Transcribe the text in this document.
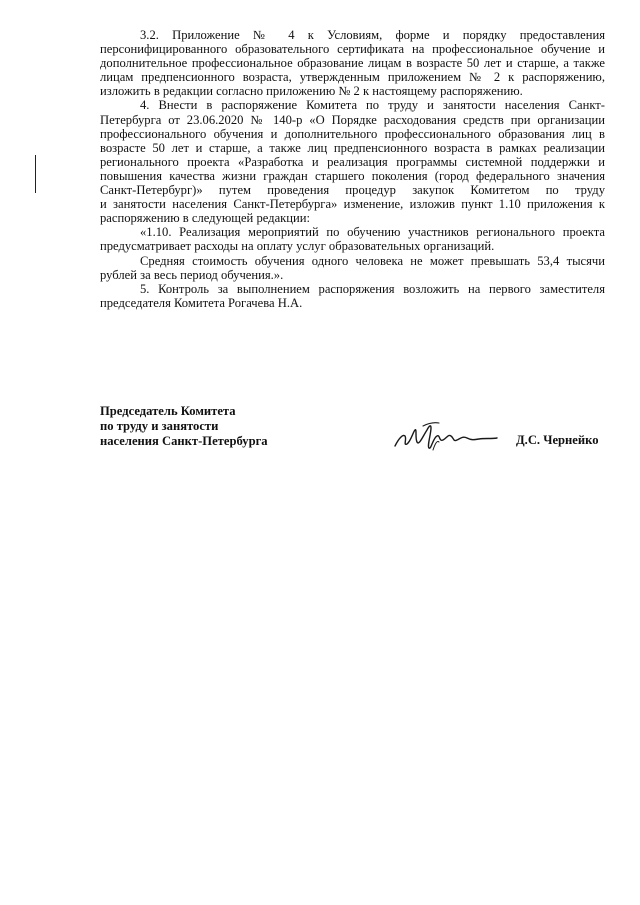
3.2. Приложение № 4 к Условиям, форме и порядку предоставления персонифицированного образовательного сертификата на профессиональное обучение и дополнительное профессиональное образование лицам в возрасте 50 лет и старше, а также лицам предпенсионного возраста, утвержденным приложением № 2 к распоряжению, изложить в редакции согласно приложению № 2 к настоящему распоряжению.

4. Внести в распоряжение Комитета по труду и занятости населения Санкт-Петербурга от 23.06.2020 № 140-р «О Порядке расходования средств при организации профессионального обучения и дополнительного профессионального образования лиц в возрасте 50 лет и старше, а также лиц предпенсионного возраста в рамках реализации регионального проекта «Разработка и реализация программы системной поддержки и повышения качества жизни граждан старшего поколения (город федерального значения Санкт-Петербург)» путем проведения процедур закупок Комитетом по труду

и занятости населения Санкт-Петербурга» изменение, изложив пункт 1.10 приложения к распоряжению в следующей редакции:

«1.10. Реализация мероприятий по обучению участников регионального проекта предусматривает расходы на оплату услуг образовательных организаций.

Средняя стоимость обучения одного человека не может превышать 53,4 тысячи рублей за весь период обучения.».

5. Контроль за выполнением распоряжения возложить на первого заместителя председателя Комитета Рогачева Н.А.

Председатель Комитета
по труду и занятости
населения Санкт-Петербурга	Д.С. Чернейко
